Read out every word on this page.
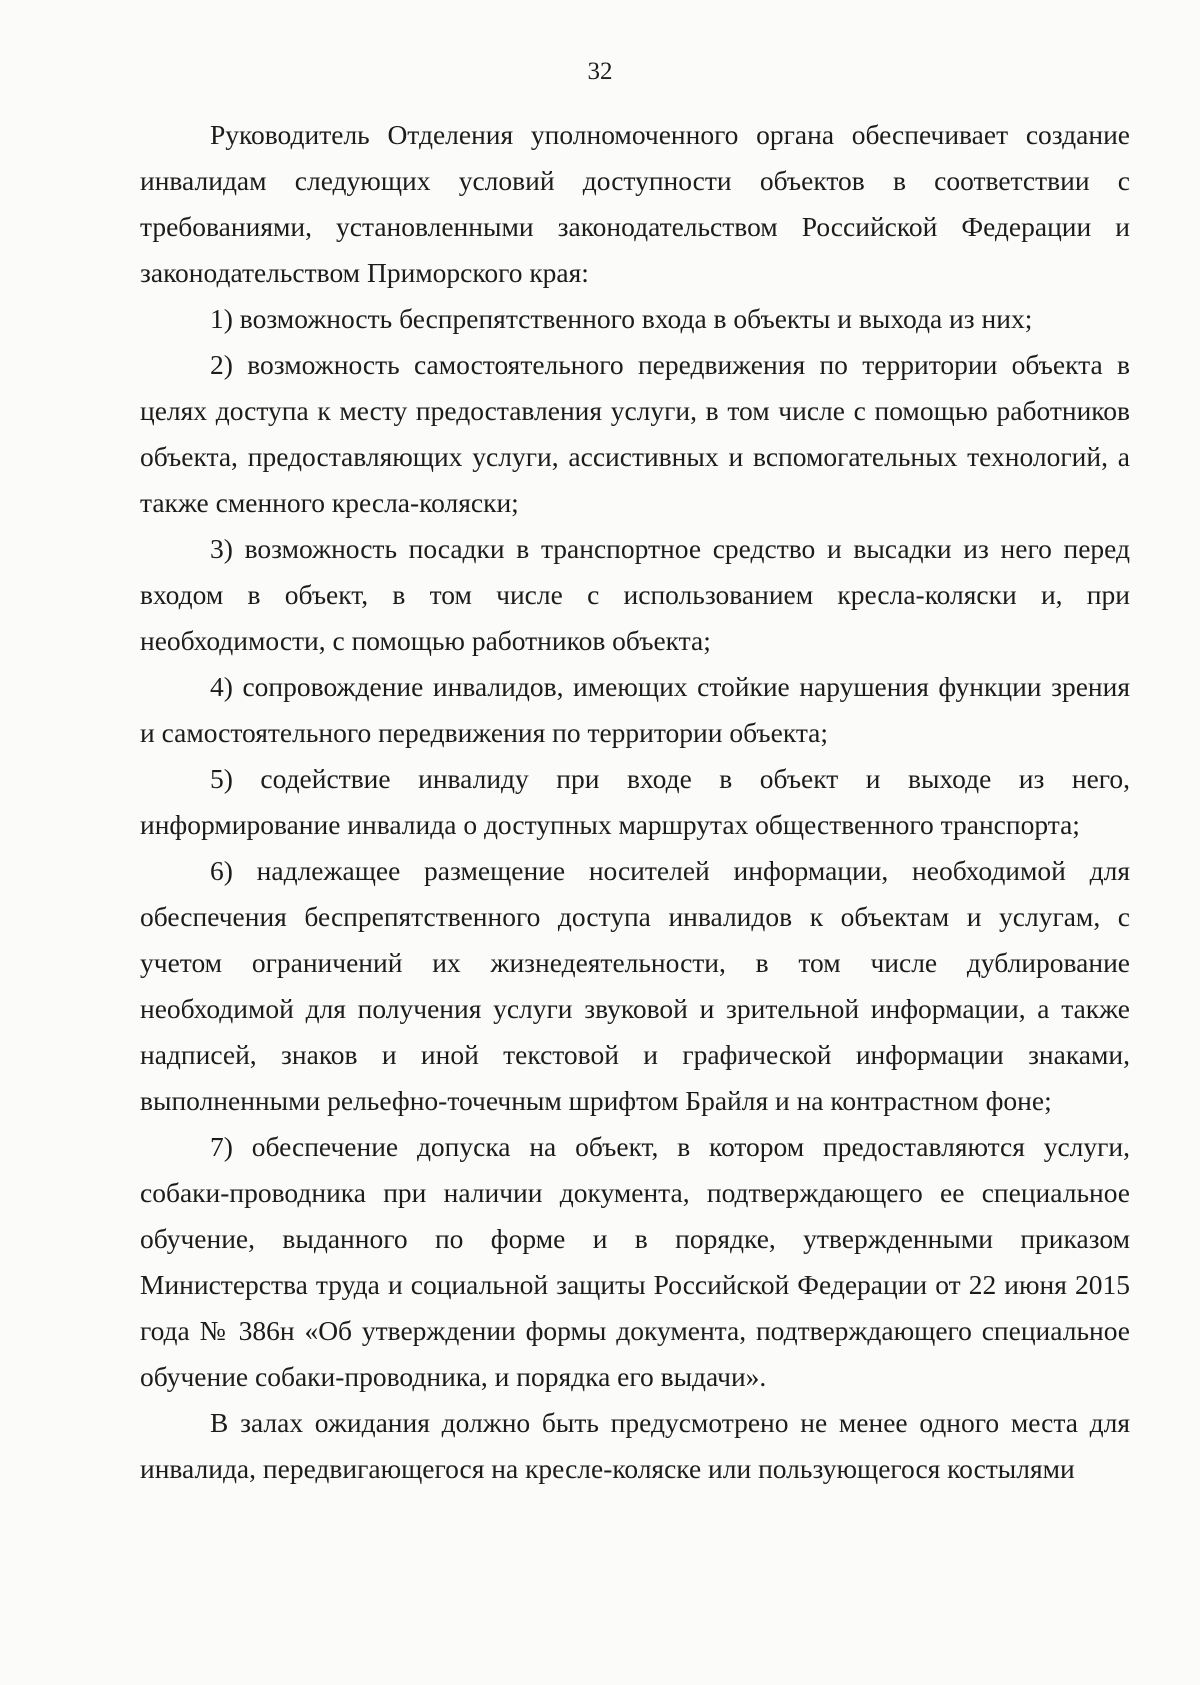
32

Руководитель Отделения уполномоченного органа обеспечивает создание инвалидам следующих условий доступности объектов в соответствии с требованиями, установленными законодательством Российской Федерации и законодательством Приморского края:

1) возможность беспрепятственного входа в объекты и выхода из них;

2) возможность самостоятельного передвижения по территории объекта в целях доступа к месту предоставления услуги, в том числе с помощью работников объекта, предоставляющих услуги, ассистивных и вспомогательных технологий, а также сменного кресла-коляски;

3) возможность посадки в транспортное средство и высадки из него перед входом в объект, в том числе с использованием кресла-коляски и, при необходимости, с помощью работников объекта;

4) сопровождение инвалидов, имеющих стойкие нарушения функции зрения и самостоятельного передвижения по территории объекта;

5) содействие инвалиду при входе в объект и выходе из него, информирование инвалида о доступных маршрутах общественного транспорта;

6) надлежащее размещение носителей информации, необходимой для обеспечения беспрепятственного доступа инвалидов к объектам и услугам, с учетом ограничений их жизнедеятельности, в том числе дублирование необходимой для получения услуги звуковой и зрительной информации, а также надписей, знаков и иной текстовой и графической информации знаками, выполненными рельефно-точечным шрифтом Брайля и на контрастном фоне;

7) обеспечение допуска на объект, в котором предоставляются услуги, собаки-проводника при наличии документа, подтверждающего ее специальное обучение, выданного по форме и в порядке, утвержденными приказом Министерства труда и социальной защиты Российской Федерации от 22 июня 2015 года № 386н «Об утверждении формы документа, подтверждающего специальное обучение собаки-проводника, и порядка его выдачи».

В залах ожидания должно быть предусмотрено не менее одного места для инвалида, передвигающегося на кресле-коляске или пользующегося костылями
